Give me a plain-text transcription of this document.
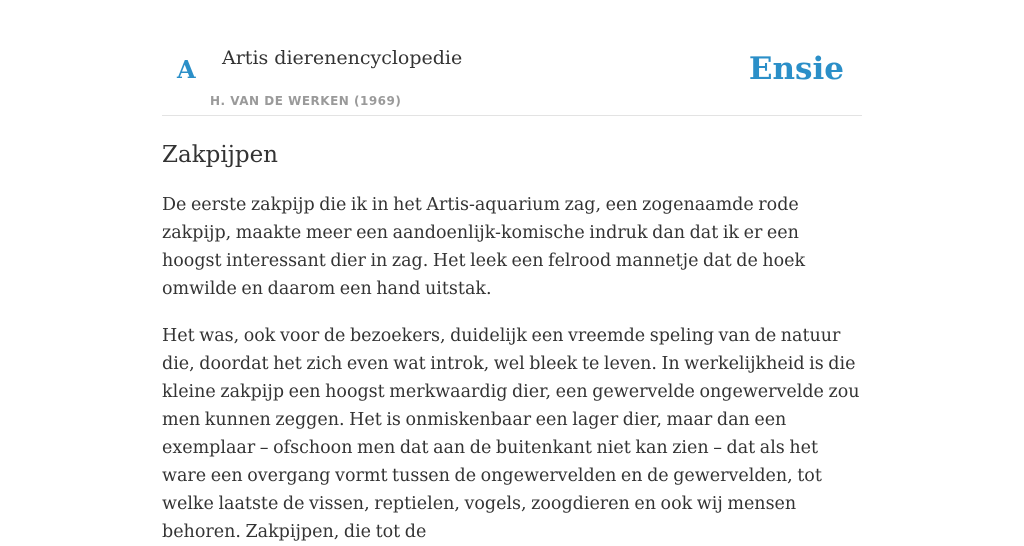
A Artis dierenencyclopedie
H. VAN DE WERKEN (1969)
Ensie
Zakpijpen

De eerste zakpijp die ik in het Artis-aquarium zag, een zogenaamde rode zakpijp, maakte meer een aandoenlijk-komische indruk dan dat ik er een hoogst interessant dier in zag. Het leek een felrood mannetje dat de hoek omwilde en daarom een hand uitstak.

Het was, ook voor de bezoekers, duidelijk een vreemde speling van de natuur die, doordat het zich even wat introk, wel bleek te leven. In werkelijkheid is die kleine zakpijp een hoogst merkwaardig dier, een gewervelde ongewervelde zou men kunnen zeggen. Het is onmiskenbaar een lager dier, maar dan een exemplaar – ofschoon men dat aan de buitenkant niet kan zien – dat als het ware een overgang vormt tussen de ongewervelden en de gewervelden, tot welke laatste de vissen, reptielen, vogels, zoogdieren en ook wij mensen behoren. Zakpijpen, die tot de
